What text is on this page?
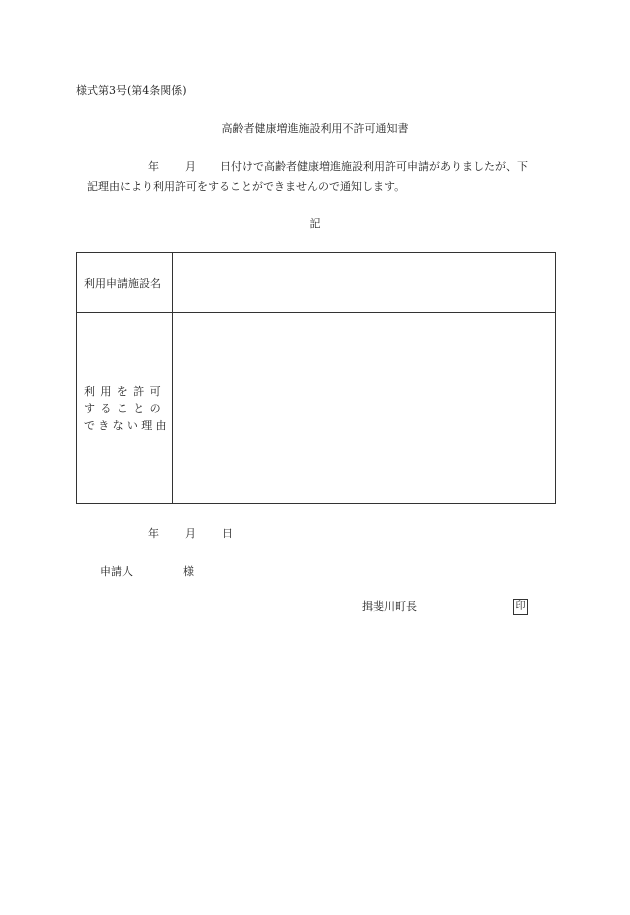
様式第3号(第4条関係)
高齢者健康増進施設利用不許可通知書
年 月 日付けで高齢者健康増進施設利用許可申請がありましたが、下
記理由により利用許可をすることができませんので通知します。
記
利用申請施設名	

利用を許可
することの
できない理由	

年 月 日
申請人	様
揖斐川町長	印
